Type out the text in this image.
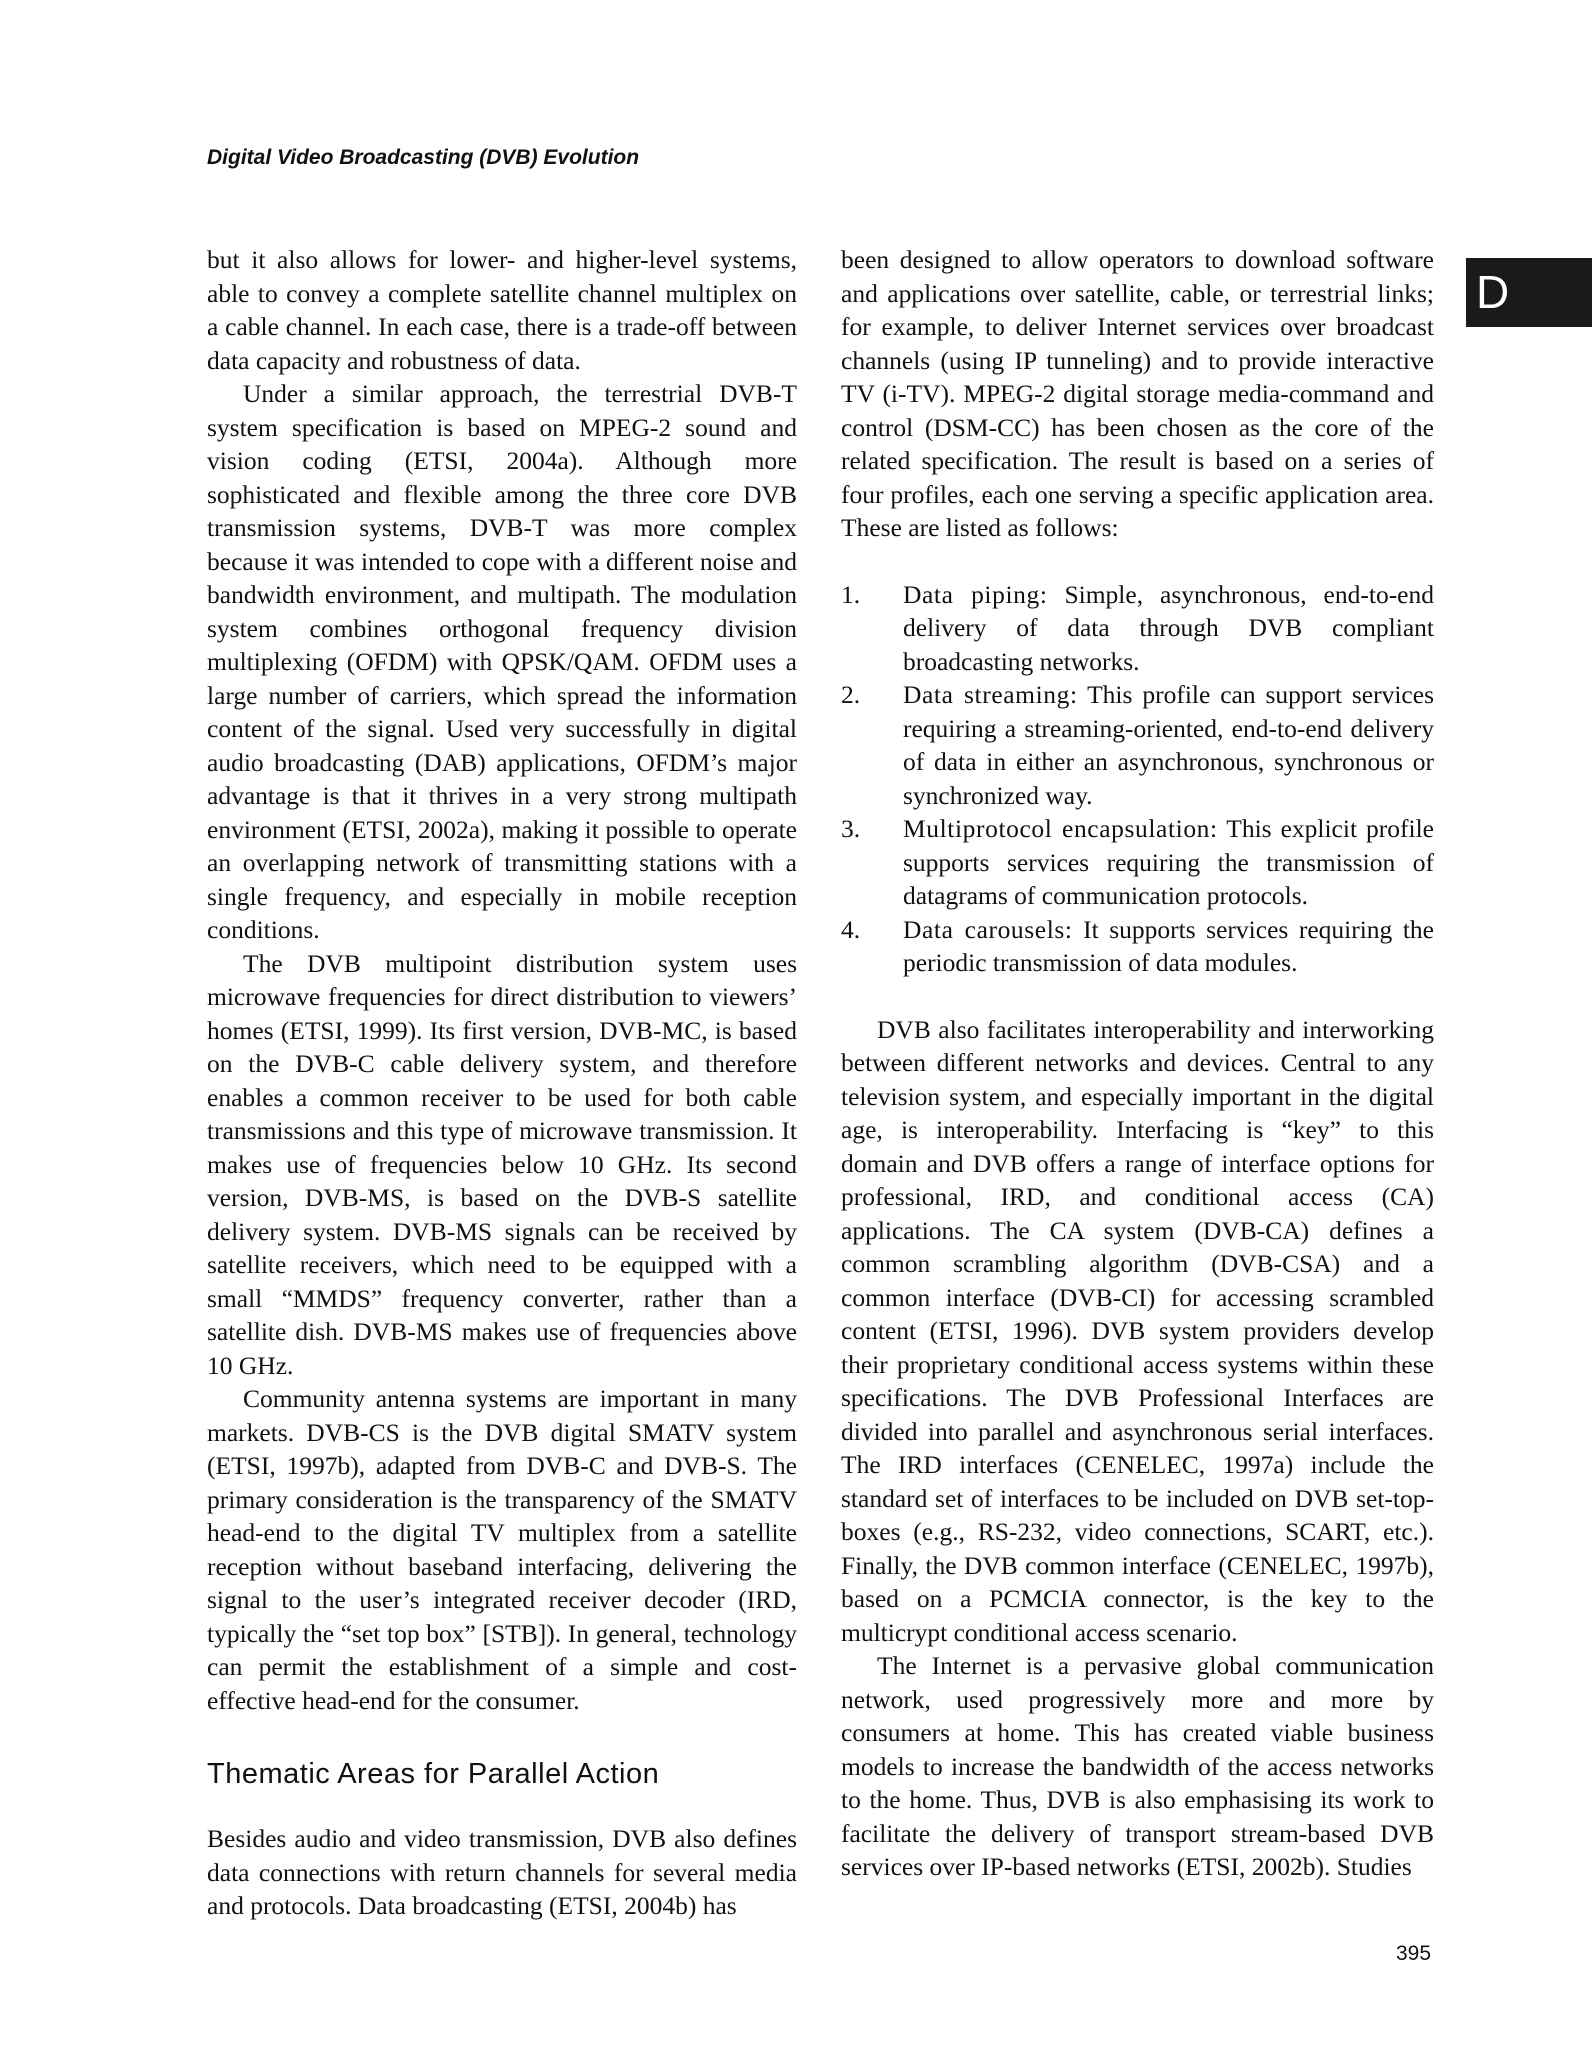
Digital Video Broadcasting (DVB) Evolution
D

but it also allows for lower- and higher-level systems, able to convey a complete satellite channel multiplex on a cable channel. In each case, there is a trade-off between data capacity and robustness of data.

Under a similar approach, the terrestrial DVB-T system specification is based on MPEG-2 sound and vision coding (ETSI, 2004a). Although more sophisticated and flexible among the three core DVB transmission systems, DVB-T was more complex because it was intended to cope with a different noise and bandwidth environment, and multipath. The modulation system combines orthogonal frequency division multiplexing (OFDM) with QPSK/QAM. OFDM uses a large number of carriers, which spread the information content of the signal. Used very successfully in digital audio broadcasting (DAB) applications, OFDM’s major advantage is that it thrives in a very strong multipath environment (ETSI, 2002a), making it possible to operate an overlapping network of transmitting stations with a single frequency, and especially in mobile reception conditions.

The DVB multipoint distribution system uses microwave frequencies for direct distribution to viewers’ homes (ETSI, 1999). Its first version, DVB-MC, is based on the DVB-C cable delivery system, and therefore enables a common receiver to be used for both cable transmissions and this type of microwave transmission. It makes use of frequencies below 10 GHz. Its second version, DVB-MS, is based on the DVB-S satellite delivery system. DVB-MS signals can be received by satellite receivers, which need to be equipped with a small “MMDS” frequency converter, rather than a satellite dish. DVB-MS makes use of frequencies above 10 GHz.

Community antenna systems are important in many markets. DVB-CS is the DVB digital SMATV system (ETSI, 1997b), adapted from DVB-C and DVB-S. The primary consideration is the transparency of the SMATV head-end to the digital TV multiplex from a satellite reception without baseband interfacing, delivering the signal to the user’s integrated receiver decoder (IRD, typically the “set top box” [STB]). In general, technology can permit the establishment of a simple and cost-effective head-end for the consumer.

Thematic Areas for Parallel Action

Besides audio and video transmission, DVB also defines data connections with return channels for several media and protocols. Data broadcasting (ETSI, 2004b) has

been designed to allow operators to download software and applications over satellite, cable, or terrestrial links; for example, to deliver Internet services over broadcast channels (using IP tunneling) and to provide interactive TV (i-TV). MPEG-2 digital storage media-command and control (DSM-CC) has been chosen as the core of the related specification. The result is based on a series of four profiles, each one serving a specific application area. These are listed as follows:

1. Data piping: Simple, asynchronous, end-to-end delivery of data through DVB compliant broadcasting networks.
2. Data streaming: This profile can support services requiring a streaming-oriented, end-to-end delivery of data in either an asynchronous, synchronous or synchronized way.
3. Multiprotocol encapsulation: This explicit profile supports services requiring the transmission of datagrams of communication protocols.
4. Data carousels: It supports services requiring the periodic transmission of data modules.

DVB also facilitates interoperability and interworking between different networks and devices. Central to any television system, and especially important in the digital age, is interoperability. Interfacing is “key” to this domain and DVB offers a range of interface options for professional, IRD, and conditional access (CA) applications. The CA system (DVB-CA) defines a common scrambling algorithm (DVB-CSA) and a common interface (DVB-CI) for accessing scrambled content (ETSI, 1996). DVB system providers develop their proprietary conditional access systems within these specifications. The DVB Professional Interfaces are divided into parallel and asynchronous serial interfaces. The IRD interfaces (CENELEC, 1997a) include the standard set of interfaces to be included on DVB set-top-boxes (e.g., RS-232, video connections, SCART, etc.). Finally, the DVB common interface (CENELEC, 1997b), based on a PCMCIA connector, is the key to the multicrypt conditional access scenario.

The Internet is a pervasive global communication network, used progressively more and more by consumers at home. This has created viable business models to increase the bandwidth of the access networks to the home. Thus, DVB is also emphasising its work to facilitate the delivery of transport stream-based DVB services over IP-based networks (ETSI, 2002b). Studies

395
